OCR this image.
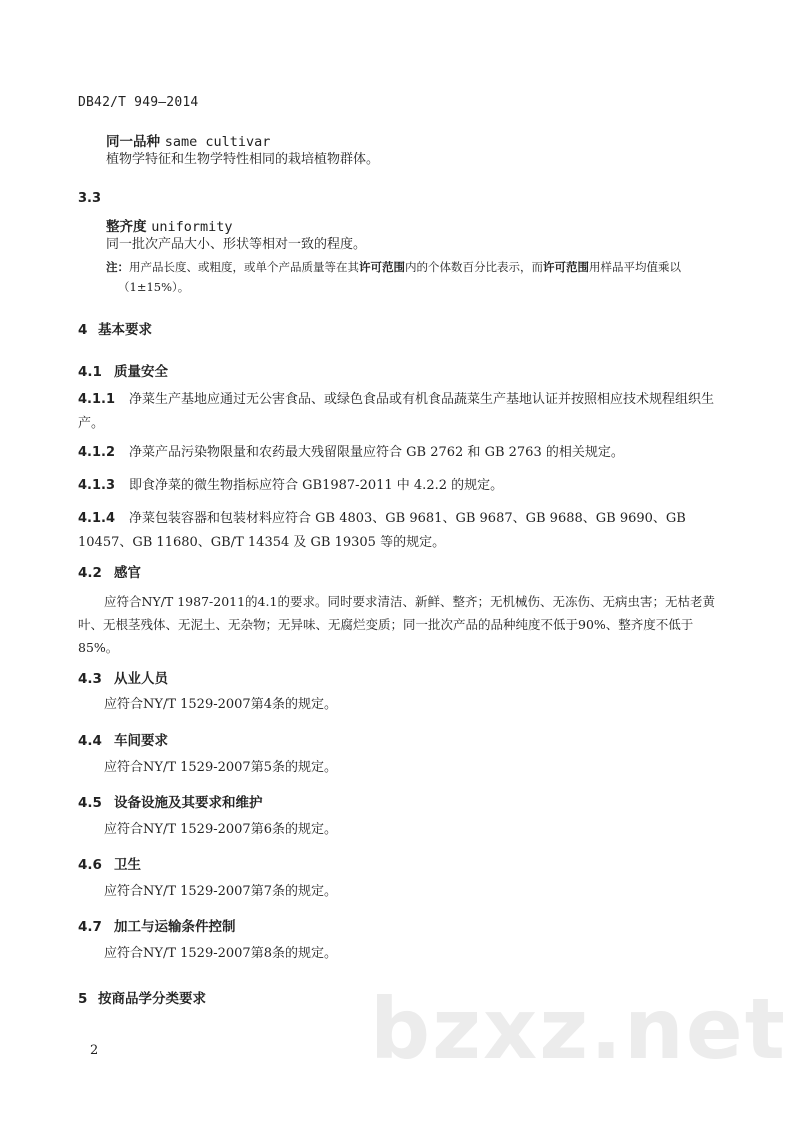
DB42/T 949—2014
同一品种 same cultivar
植物学特征和生物学特性相同的栽培植物群体。
3.3
整齐度 uniformity
同一批次产品大小、形状等相对一致的程度。
注：用产品长度、或粗度，或单个产品质量等在其许可范围内的个体数百分比表示，而许可范围用样品平均值乘以
（1±15%）。
4 基本要求
4.1 质量安全
4.1.1 净菜生产基地应通过无公害食品、或绿色食品或有机食品蔬菜生产基地认证并按照相应技术规程组织生产。
4.1.2 净菜产品污染物限量和农药最大残留限量应符合 GB 2762 和 GB 2763 的相关规定。
4.1.3 即食净菜的微生物指标应符合 GB1987-2011 中 4.2.2 的规定。
4.1.4 净菜包装容器和包装材料应符合 GB 4803、GB 9681、GB 9687、GB 9688、GB 9690、GB 10457、GB 11680、GB/T 14354 及 GB 19305 等的规定。
4.2 感官
应符合NY/T 1987-2011的4.1的要求。同时要求清洁、新鲜、整齐；无机械伤、无冻伤、无病虫害；无枯老黄叶、无根茎残体、无泥土、无杂物；无异味、无腐烂变质；同一批次产品的品种纯度不低于90%、整齐度不低于85%。
4.3 从业人员
应符合NY/T 1529-2007第4条的规定。
4.4 车间要求
应符合NY/T 1529-2007第5条的规定。
4.5 设备设施及其要求和维护
应符合NY/T 1529-2007第6条的规定。
4.6 卫生
应符合NY/T 1529-2007第7条的规定。
4.7 加工与运输条件控制
应符合NY/T 1529-2007第8条的规定。
5 按商品学分类要求 bzxz.net
2
